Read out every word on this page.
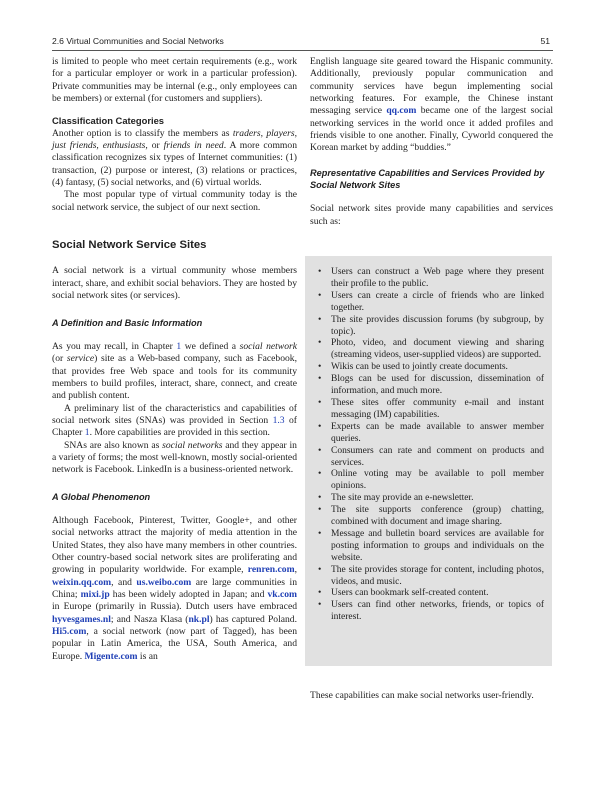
2.6 Virtual Communities and Social Networks	51

is limited to people who meet certain requirements (e.g., work for a particular employer or work in a particular profession). Private communities may be internal (e.g., only employees can be members) or external (for customers and suppliers).

Classification Categories

Another option is to classify the members as traders, players, just friends, enthusiasts, or friends in need. A more common classification recognizes six types of Internet communities: (1) transaction, (2) purpose or interest, (3) relations or practices, (4) fantasy, (5) social networks, and (6) virtual worlds.

The most popular type of virtual community today is the social network service, the subject of our next section.

Social Network Service Sites

A social network is a virtual community whose members interact, share, and exhibit social behaviors. They are hosted by social network sites (or services).

A Definition and Basic Information

As you may recall, in Chapter 1 we defined a social network (or service) site as a Web-based company, such as Facebook, that provides free Web space and tools for its community members to build profiles, interact, share, connect, and create and publish content.

A preliminary list of the characteristics and capabilities of social network sites (SNAs) was provided in Section 1.3 of Chapter 1. More capabilities are provided in this section.

SNAs are also known as social networks and they appear in a variety of forms; the most well-known, mostly social-oriented network is Facebook. LinkedIn is a business-oriented network.

A Global Phenomenon

Although Facebook, Pinterest, Twitter, Google+, and other social networks attract the majority of media attention in the United States, they also have many members in other countries. Other country-based social network sites are proliferating and growing in popularity worldwide. For example, renren.com, weixin.qq.com, and us.weibo.com are large communities in China; mixi.jp has been widely adopted in Japan; and vk.com in Europe (primarily in Russia). Dutch users have embraced hyvesgames.nl; and Nasza Klasa (nk.pl) has captured Poland. Hi5.com, a social network (now part of Tagged), has been popular in Latin America, the USA, South America, and Europe. Migente.com is an

English language site geared toward the Hispanic community. Additionally, previously popular communication and community services have begun implementing social networking features. For example, the Chinese instant messaging service qq.com became one of the largest social networking services in the world once it added profiles and friends visible to one another. Finally, Cyworld conquered the Korean market by adding “buddies.”

Representative Capabilities and Services Provided by Social Network Sites

Social network sites provide many capabilities and services such as:

• Users can construct a Web page where they present their profile to the public.
• Users can create a circle of friends who are linked together.
• The site provides discussion forums (by subgroup, by topic).
• Photo, video, and document viewing and sharing (streaming videos, user-supplied videos) are supported.
• Wikis can be used to jointly create documents.
• Blogs can be used for discussion, dissemination of information, and much more.
• These sites offer community e-mail and instant messaging (IM) capabilities.
• Experts can be made available to answer member queries.
• Consumers can rate and comment on products and services.
• Online voting may be available to poll member opinions.
• The site may provide an e-newsletter.
• The site supports conference (group) chatting, combined with document and image sharing.
• Message and bulletin board services are available for posting information to groups and individuals on the website.
• The site provides storage for content, including photos, videos, and music.
• Users can bookmark self-created content.
• Users can find other networks, friends, or topics of interest.
These capabilities can make social networks user-friendly.
